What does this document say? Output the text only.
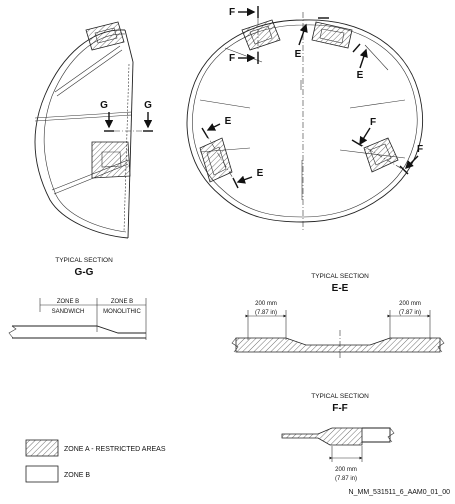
G	G
F
F	E
E
E
E
F
F
TYPICAL SECTION
G-G
ZONE B
SANDWICH
ZONE B
MONOLITHIC
TYPICAL SECTION
E-E
200 mm
(7.87 in)
200 mm
(7.87 in)
TYPICAL SECTION
F-F
200 mm
(7.87 in)
ZONE A - RESTRICTED AREAS
ZONE B
N_MM_531511_6_AAM0_01_00
